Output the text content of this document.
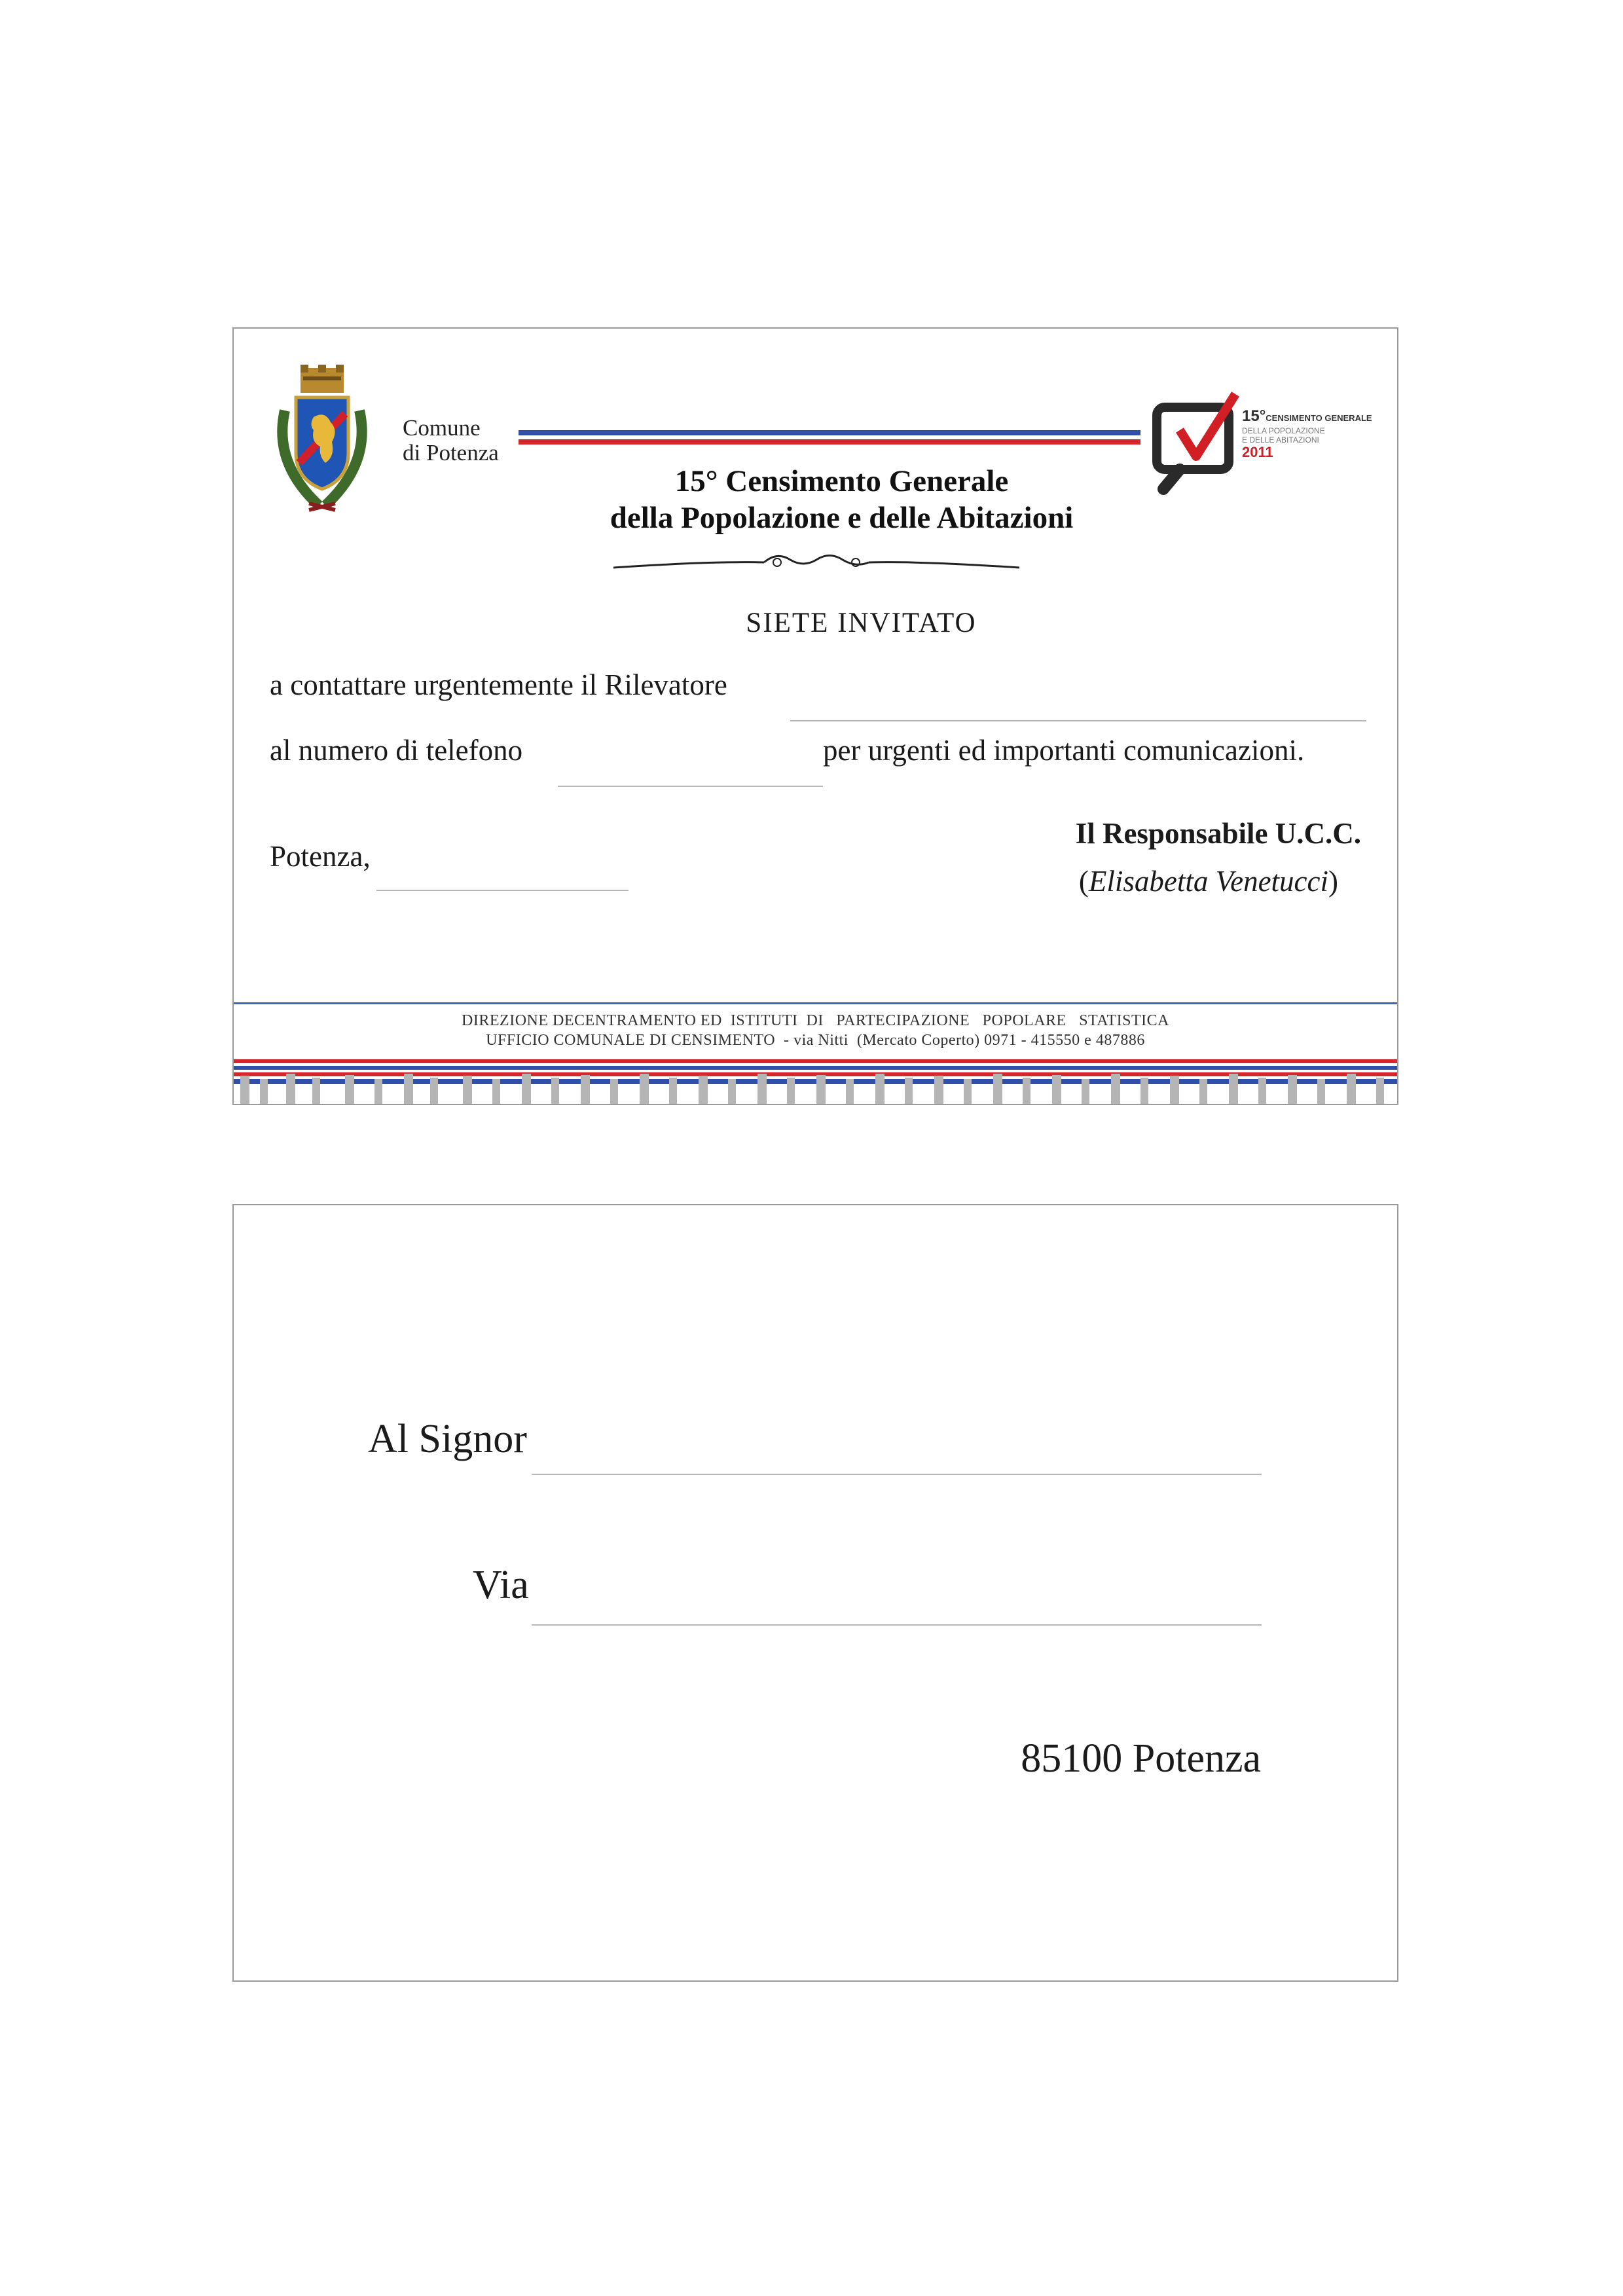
Comune
di Potenza
15°CENSIMENTO GENERALE
DELLA POPOLAZIONE
E DELLE ABITAZIONI
2011
15° Censimento Generale
della Popolazione e delle Abitazioni
SIETE INVITATO
a contattare urgentemente il Rilevatore
al numero di telefono	per urgenti ed importanti comunicazioni.
Potenza,
Il Responsabile U.C.C.
(Elisabetta Venetucci)
DIREZIONE DECENTRAMENTO ED  ISTITUTI  DI   PARTECIPAZIONE   POPOLARE   STATISTICA
UFFICIO COMUNALE DI CENSIMENTO  - via Nitti  (Mercato Coperto) 0971 - 415550 e 487886
Al Signor
Via
85100 Potenza
